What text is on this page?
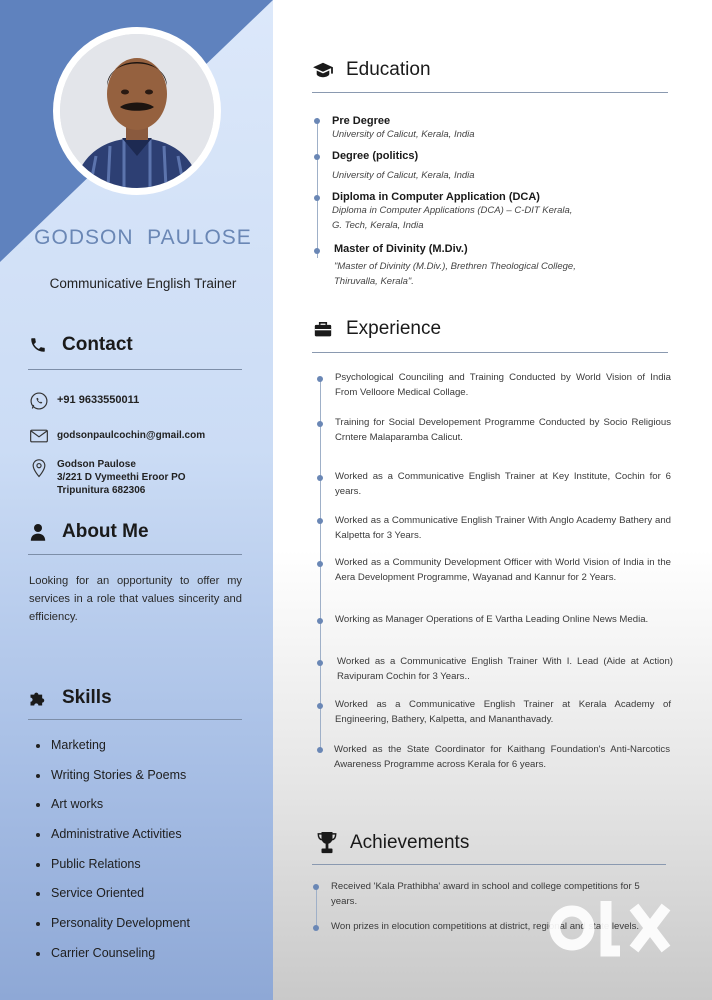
GODSON  PAULOSE
Communicative English Trainer
Contact
+91 9633550011
godsonpaulcochin@gmail.com
Godson Paulose
3/221 D Vymeethi Eroor PO
Tripunitura 682306
About Me
Looking for an opportunity to offer my services in a role that values sincerity and efficiency.
Skills
Marketing
Writing Stories & Poems
Art works
Administrative Activities
Public Relations
Service Oriented
Personality Development
Carrier Counseling
Education
Pre Degree
University of Calicut, Kerala, India
Degree (politics)
University of Calicut, Kerala, India
Diploma in Computer Application (DCA)
Diploma in Computer Applications (DCA) – C-DIT Kerala,
G. Tech, Kerala, India
Master of Divinity (M.Div.)
"Master of Divinity (M.Div.), Brethren Theological College,
Thiruvalla, Kerala".
Experience
Psychological Counciling and Training Conducted by World Vision of India From Velloore Medical Collage.
Training for Social Developement Programme Conducted by Socio Religious Crntere Malaparamba Calicut.
Worked as a Communicative English Trainer at Key Institute, Cochin for 6 years.
Worked as a Communicative English Trainer With Anglo Academy Bathery and Kalpetta for 3 Years.
Worked as a Community Development Officer with World Vision of India in the Aera Development Programme, Wayanad and Kannur for 2 Years.
Working as Manager Operations of E Vartha Leading Online News Media.
Worked as a Communicative English Trainer With I. Lead (Aide at Action) Ravipuram Cochin for 3 Years..
Worked as a Communicative English Trainer at Kerala Academy of Engineering, Bathery, Kalpetta, and Mananthavady.
Worked as the State Coordinator for Kaithang Foundation's Anti-Narcotics Awareness Programme across Kerala for 6 years.
Achievements
Received 'Kala Prathibha' award in school and college competitions for 5 years.
Won prizes in elocution competitions at district, regional and state levels.
